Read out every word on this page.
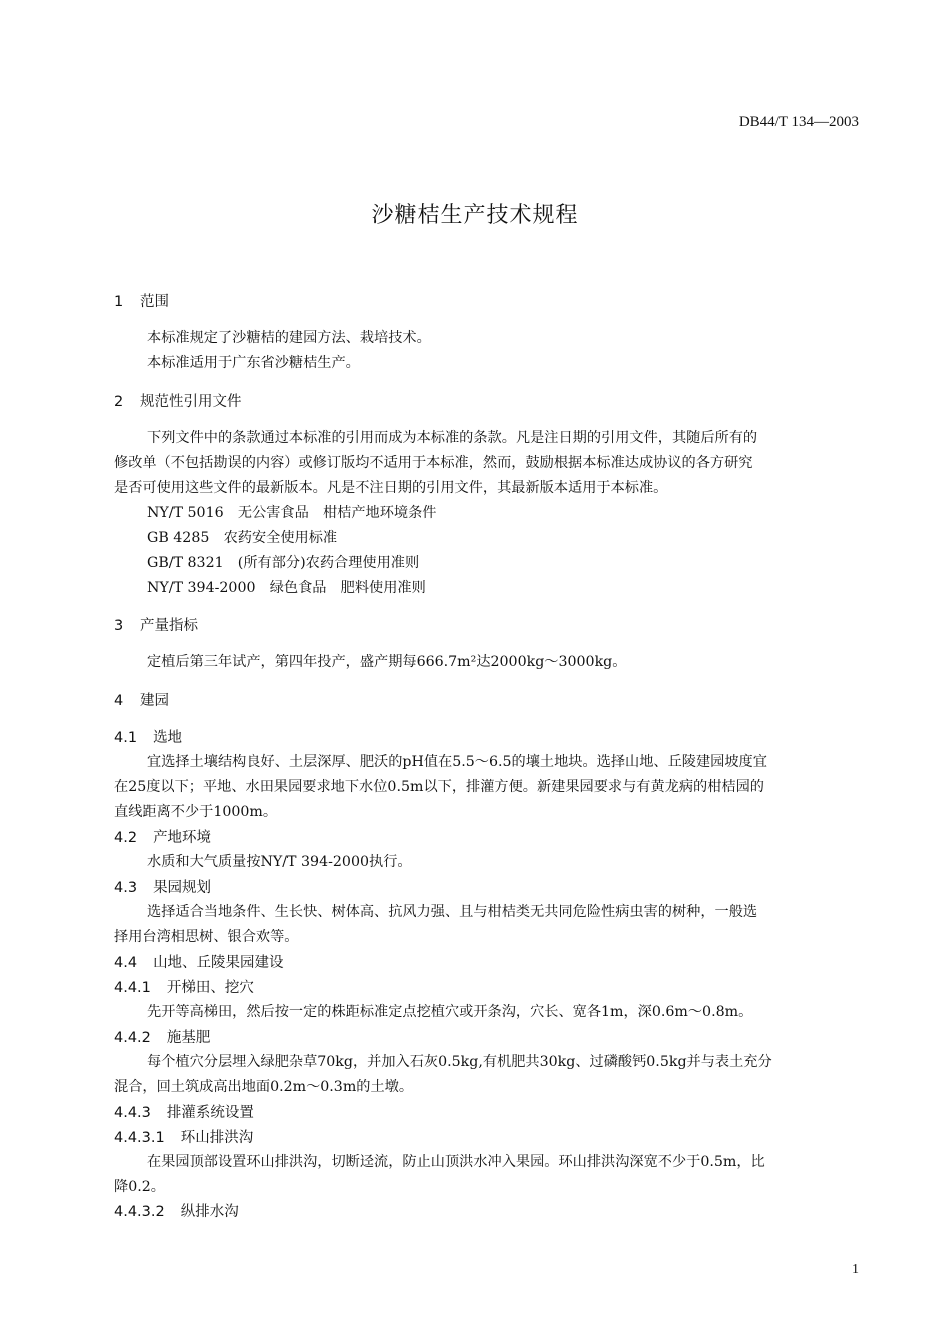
DB44/T 134—2003
沙糖桔生产技术规程
1 范围
本标准规定了沙糖桔的建园方法、栽培技术。
本标准适用于广东省沙糖桔生产。
2 规范性引用文件
下列文件中的条款通过本标准的引用而成为本标准的条款。凡是注日期的引用文件，其随后所有的
修改单（不包括勘误的内容）或修订版均不适用于本标准，然而，鼓励根据本标准达成协议的各方研究
是否可使用这些文件的最新版本。凡是不注日期的引用文件，其最新版本适用于本标准。
NY/T 5016　无公害食品　柑桔产地环境条件
GB 4285　农药安全使用标准
GB/T 8321　(所有部分)农药合理使用准则
NY/T 394-2000　绿色食品　肥料使用准则
3 产量指标
定植后第三年试产，第四年投产，盛产期每666.7m²达2000kg～3000kg。
4 建园
4.1 选地
宜选择土壤结构良好、土层深厚、肥沃的pH值在5.5～6.5的壤土地块。选择山地、丘陵建园坡度宜
在25度以下；平地、水田果园要求地下水位0.5m以下，排灌方便。新建果园要求与有黄龙病的柑桔园的
直线距离不少于1000m。
4.2 产地环境
水质和大气质量按NY/T 394-2000执行。
4.3 果园规划
选择适合当地条件、生长快、树体高、抗风力强、且与柑桔类无共同危险性病虫害的树种，一般选
择用台湾相思树、银合欢等。
4.4 山地、丘陵果园建设
4.4.1 开梯田、挖穴
先开等高梯田，然后按一定的株距标准定点挖植穴或开条沟，穴长、宽各1m，深0.6m～0.8m。
4.4.2 施基肥
每个植穴分层埋入绿肥杂草70kg，并加入石灰0.5kg,有机肥共30kg、过磷酸钙0.5kg并与表土充分
混合，回土筑成高出地面0.2m～0.3m的土墩。
4.4.3 排灌系统设置
4.4.3.1 环山排洪沟
在果园顶部设置环山排洪沟，切断迳流，防止山顶洪水冲入果园。环山排洪沟深宽不少于0.5m，比
降0.2。
4.4.3.2 纵排水沟
1
